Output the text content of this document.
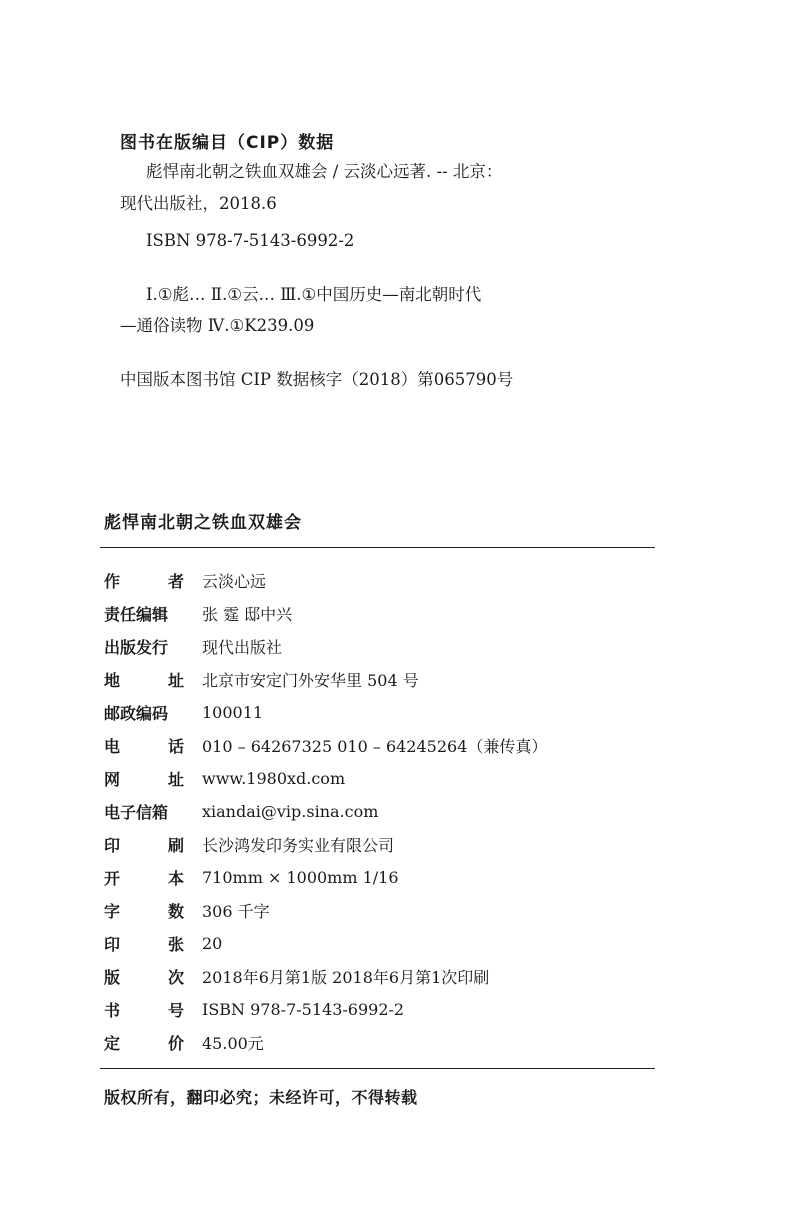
图书在版编目（CIP）数据
彪悍南北朝之铁血双雄会 / 云淡心远著. -- 北京：
现代出版社，2018.6
ISBN 978-7-5143-6992-2
Ⅰ.①彪… Ⅱ.①云… Ⅲ.①中国历史—南北朝时代
—通俗读物 Ⅳ.①K239.09
中国版本图书馆 CIP 数据核字（2018）第065790号
彪悍南北朝之铁血双雄会
作	者 云淡心远
责任编辑	张 霆 邸中兴
出版发行	现代出版社
地	址 北京市安定门外安华里 504 号
邮政编码	100011
电	话 010 – 64267325 010 – 64245264（兼传真）
网	址 www.1980xd.com
电子信箱	xiandai@vip.sina.com
印	刷 长沙鸿发印务实业有限公司
开	本 710mm × 1000mm 1/16
字	数 306 千字
印	张 20
版	次 2018年6月第1版 2018年6月第1次印刷
书	号 ISBN 978-7-5143-6992-2
定	价 45.00元
版权所有，翻印必究；未经许可，不得转载
